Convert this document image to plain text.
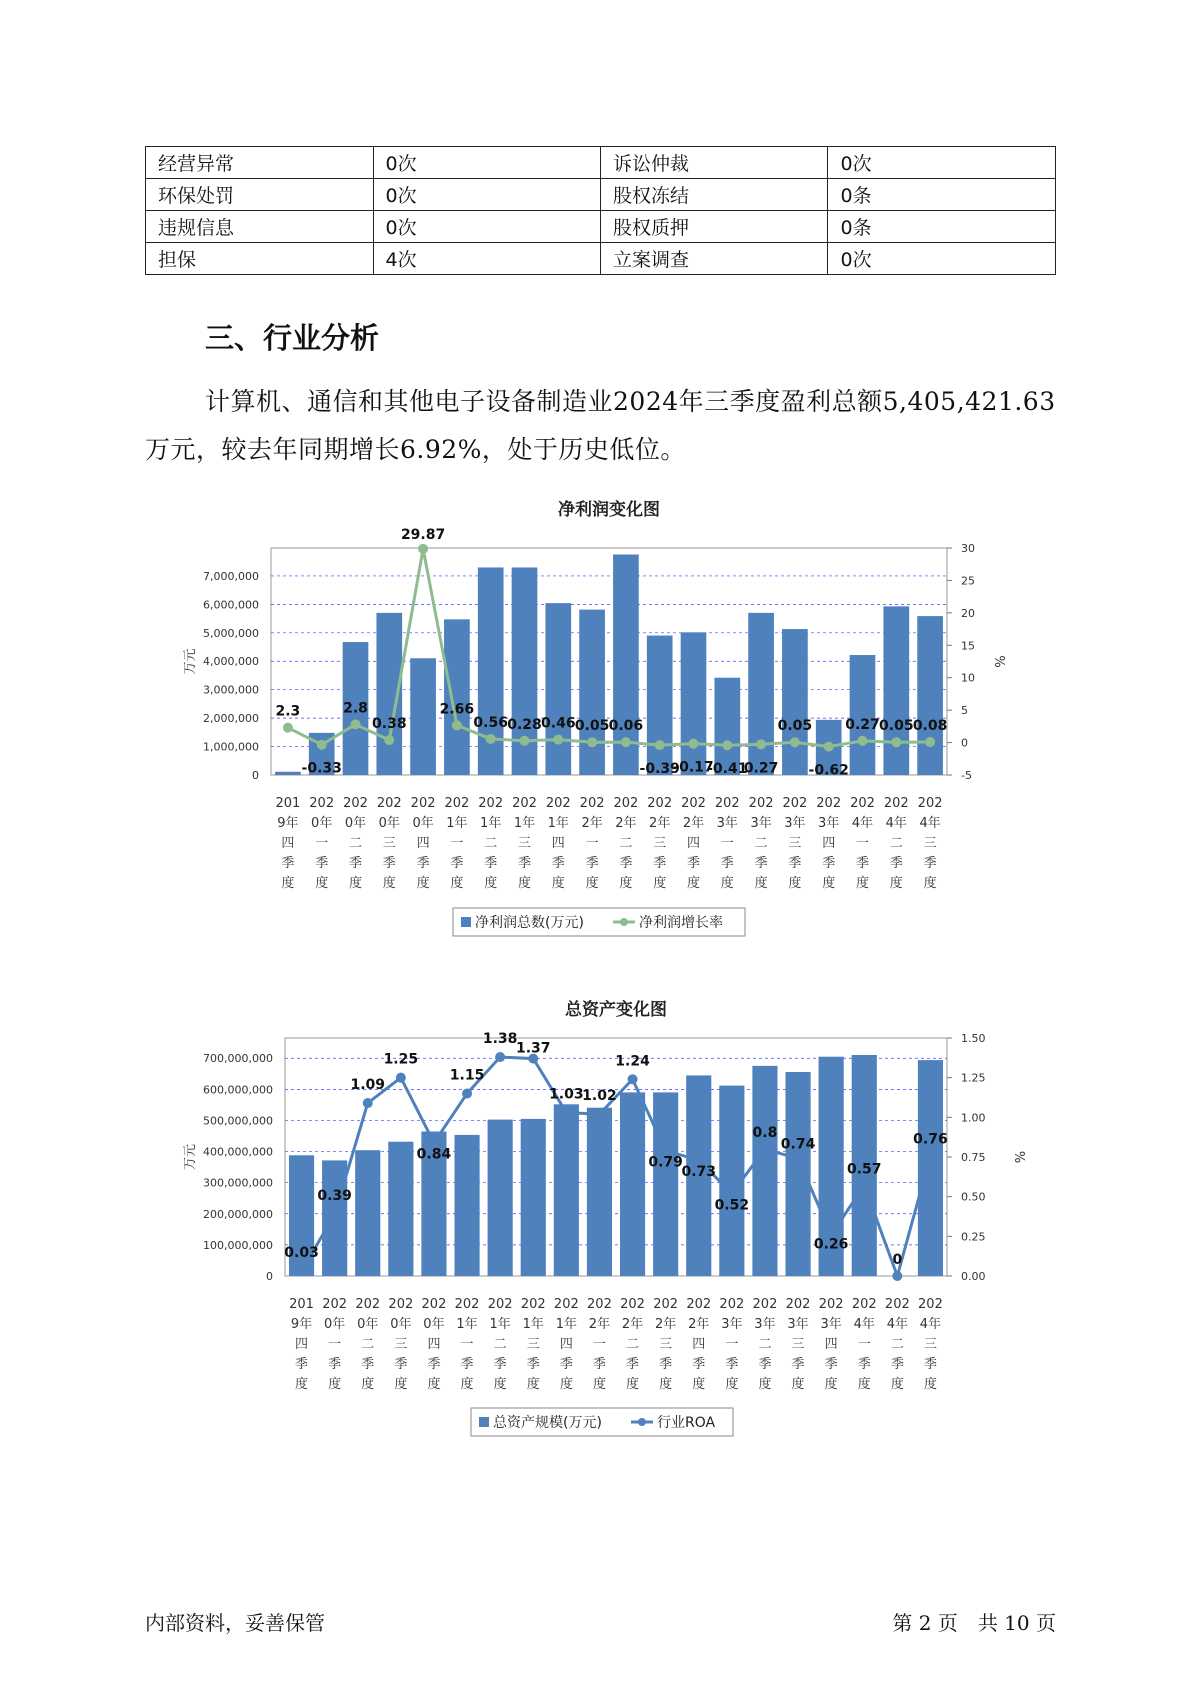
经营异常	0次	诉讼仲裁	0次
环保处罚	0次	股权冻结	0条
违规信息	0次	股权质押	0条
担保	4次	立案调查	0次
三、行业分析

计算机、通信和其他电子设备制造业2024年三季度盈利总额5,405,421.63万元，较去年同期增长6.92%，处于历史低位。

净利润变化图
0
1,000,000
2,000,000
3,000,000
4,000,000
5,000,000
6,000,000
7,000,000
万元
-5
0
5
10
15
20
25
30
%
2.3
-0.33
2.8
0.38
29.87
2.66
0.56 0.28 0.46 0.05 0.06
-0.39
-0.17
-0.41
0.27
0.05
-0.62
0.27 0.05 0.08
201
9年
四
季
度
202
0年
一
季
度
202
0年
二
季
度
202
0年
三
季
度
202
0年
四
季
度
202
1年
一
季
度
202
1年
二
季
度
202
1年
三
季
度
202
1年
四
季
度
202
2年
一
季
度
202
2年
二
季
度
202
2年
三
季
度
202
2年
四
季
度
202
3年
一
季
度
202
3年
二
季
度
202
3年
三
季
度
202
3年
四
季
度
202
4年
一
季
度
202
4年
二
季
度
202
4年
三
季
度
净利润总数(万元)	净利润增长率
总资产变化图
0
100,000,000
200,000,000
300,000,000
400,000,000
500,000,000
600,000,000
700,000,000
万元
0.00
0.25
0.50
0.75
1.00
1.25
1.50
%
0.03
0.39
1.09
1.25
0.84
1.15
1.38
1.37
1.03
1.02
1.24
0.79
0.73
0.52
0.8
0.74
0.26
0.57
0
0.76
201
9年
四
季
度
202
0年
一
季
度
202
0年
二
季
度
202
0年
三
季
度
202
0年
四
季
度
202
1年
一
季
度
202
1年
二
季
度
202
1年
三
季
度
202
1年
四
季
度
202
2年
一
季
度
202
2年
二
季
度
202
2年
三
季
度
202
2年
四
季
度
202
3年
一
季
度
202
3年
二
季
度
202
3年
三
季
度
202
3年
四
季
度
202
4年
一
季
度
202
4年
二
季
度
202
4年
三
季
度
总资产规模(万元)	行业ROA
内部资料，妥善保管	第 2 页　共 10 页
